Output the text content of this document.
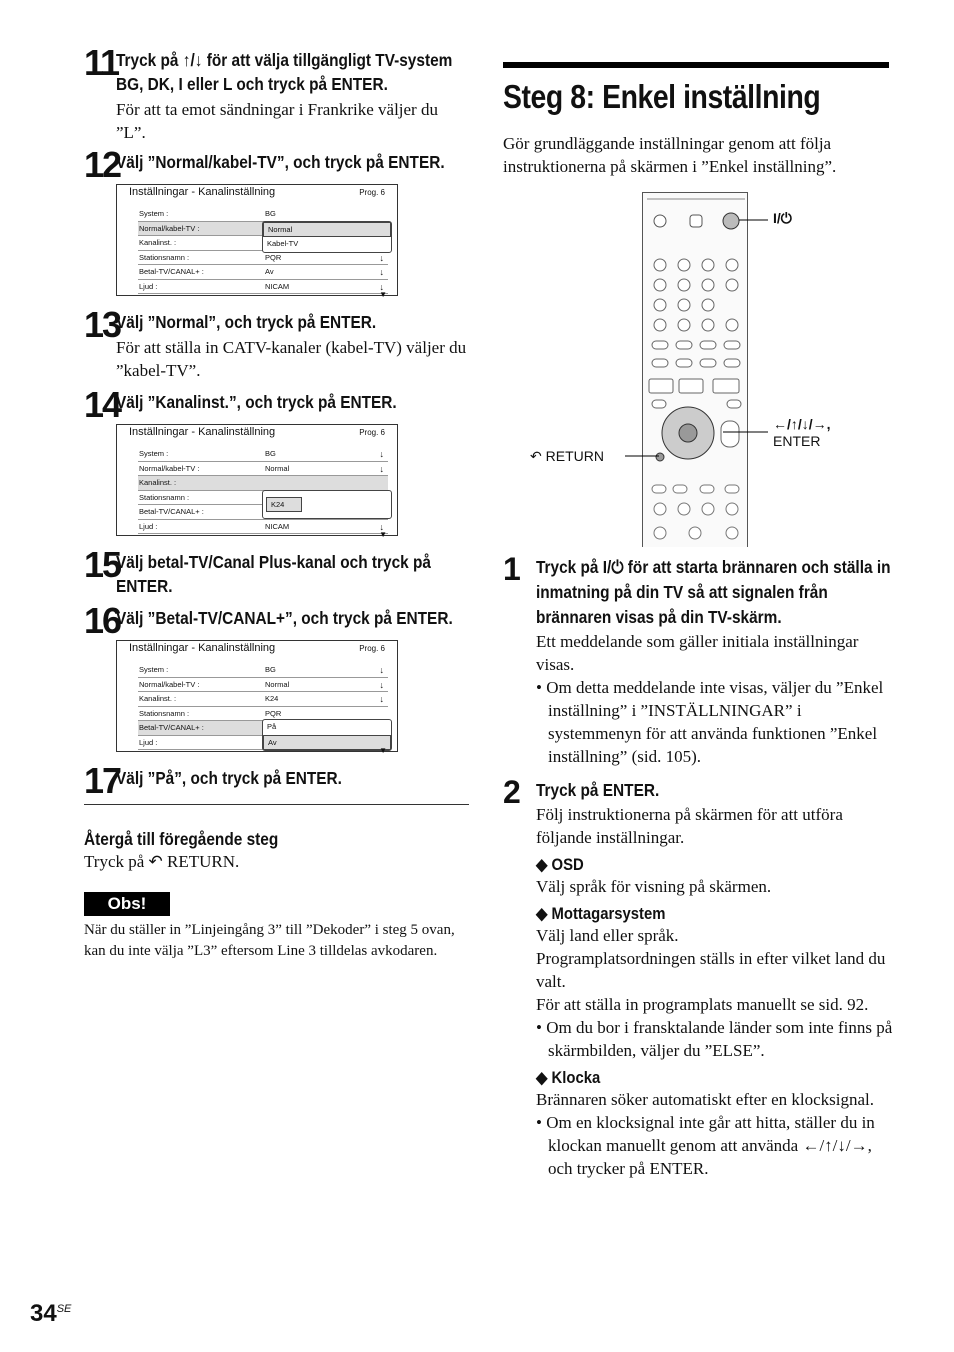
11
Tryck på ↑/↓ för att välja tillgängligt TV-system BG, DK, I eller L och tryck på ENTER.
För att ta emot sändningar i Frankrike väljer du ”L”.
12
Välj ”Normal/kabel-TV”, och tryck på ENTER.
Inställningar - Kanalinställning	Prog. 6
System :	BG
Normal/kabel-TV :
Kanalinst. :
Stationsnamn :	PQR	↓
Betal-TV/CANAL+ :	Av	↓
Ljud :	NICAM	↓
Normal
Kabel-TV
▼
13
Välj ”Normal”, och tryck på ENTER.
För att ställa in CATV-kanaler (kabel-TV) väljer du ”kabel-TV”.
14
Välj ”Kanalinst.”, och tryck på ENTER.
Inställningar - Kanalinställning	Prog. 6
System :	BG	↓
Normal/kabel-TV :	Normal	↓
Kanalinst. :
Stationsnamn :
Betal-TV/CANAL+ :
Ljud :	NICAM	↓
K24
▼
15
Välj betal-TV/Canal Plus-kanal och tryck på ENTER.
16
Välj ”Betal-TV/CANAL+”, och tryck på ENTER.
Inställningar - Kanalinställning	Prog. 6
System :	BG	↓
Normal/kabel-TV :	Normal	↓
Kanalinst. :	K24	↓
Stationsnamn :	PQR
Betal-TV/CANAL+ :
Ljud :
På
Av
▼
17
Välj ”På”, och tryck på ENTER.
Återgå till föregående steg
Tryck på ↶ RETURN.
Obs!
När du ställer in ”Linjeingång 3” till ”Dekoder” i steg 5 ovan, kan du inte välja ”L3” eftersom Line 3 tilldelas avkodaren.
Steg 8: Enkel inställning
Gör grundläggande inställningar genom att följa instruktionerna på skärmen i ”Enkel inställning”.
I/⏻
←/↑/↓/→,
ENTER
↶ RETURN
1 Tryck på I/⏻ för att starta brännaren och ställa in inmatning på din TV så att signalen från brännaren visas på din TV-skärm.
Ett meddelande som gäller initiala inställningar visas.
• Om detta meddelande inte visas, väljer du ”Enkel inställning” i ”INSTÄLLNINGAR” i systemmenyn för att använda funktionen ”Enkel inställning” (sid. 105).
2 Tryck på ENTER.
Följ instruktionerna på skärmen för att utföra följande inställningar.
◆ OSD
Välj språk för visning på skärmen.
◆ Mottagarsystem
Välj land eller språk.
Programplatsordningen ställs in efter vilket land du valt.
För att ställa in programplats manuellt se sid. 92.
• Om du bor i fransktalande länder som inte finns på skärmbilden, väljer du ”ELSE”.
◆ Klocka
Brännaren söker automatiskt efter en klocksignal.
• Om en klocksignal inte går att hitta, ställer du in klockan manuellt genom att använda ←/↑/↓/→, och trycker på ENTER.
$34^{SE}$
